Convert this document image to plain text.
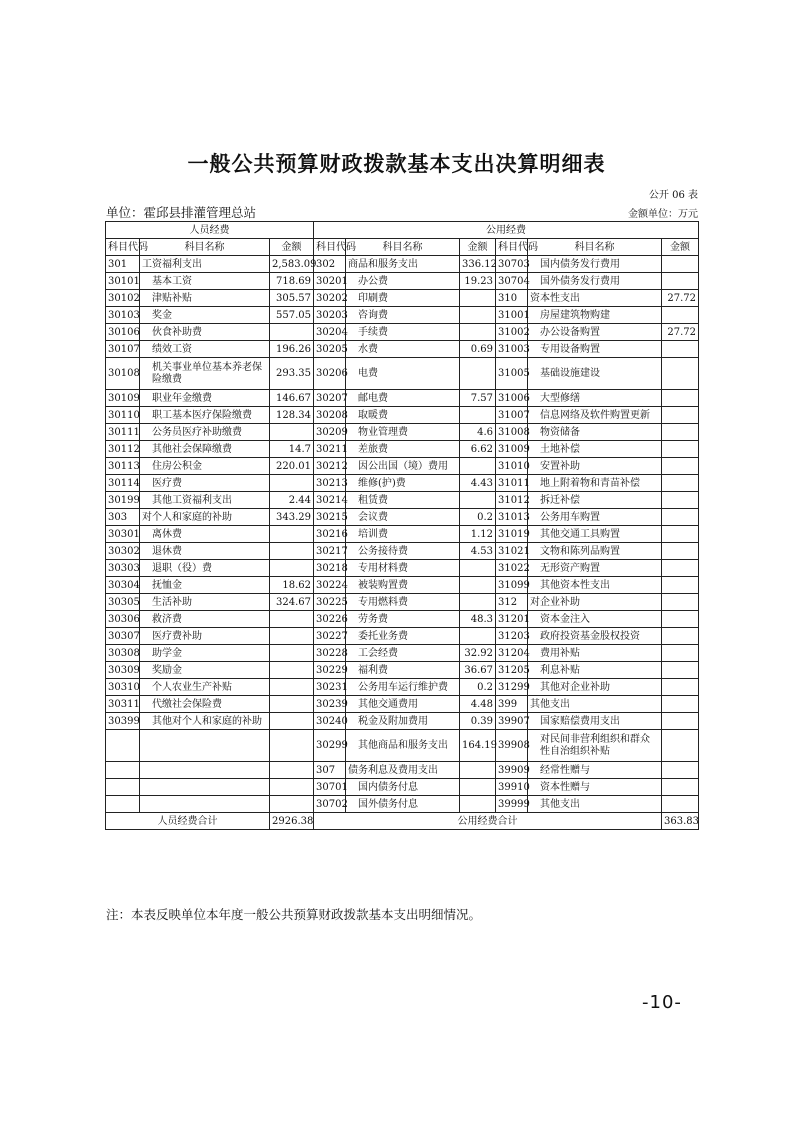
一般公共预算财政拨款基本支出决算明细表
公开 06 表
单位：霍邱县排灌管理总站	金额单位：万元
人员经费			公用经费					
科目代码	科目名称	金额	科目代码	科目名称	金额	科目代码	科目名称	金额
301	工资福利支出	2,583.09	302	商品和服务支出	336.12	30703	国内债务发行费用	
30101	基本工资	718.69	30201	办公费	19.23	30704	国外债务发行费用	
30102	津贴补贴	305.57	30202	印刷费		310	资本性支出	27.72
30103	奖金	557.05	30203	咨询费		31001	房屋建筑物购建	
30106	伙食补助费		30204	手续费		31002	办公设备购置	27.72
30107	绩效工资	196.26	30205	水费	0.69	31003	专用设备购置	
30108	机关事业单位基本养老保险缴费	293.35	30206	电费		31005	基础设施建设	
30109	职业年金缴费	146.67	30207	邮电费	7.57	31006	大型修缮	
30110	职工基本医疗保险缴费	128.34	30208	取暖费		31007	信息网络及软件购置更新	
30111	公务员医疗补助缴费		30209	物业管理费	4.6	31008	物资储备	
30112	其他社会保障缴费	14.7	30211	差旅费	6.62	31009	土地补偿	
30113	住房公积金	220.01	30212	因公出国（境）费用		31010	安置补助	
30114	医疗费		30213	维修(护)费	4.43	31011	地上附着物和青苗补偿	
30199	其他工资福利支出	2.44	30214	租赁费		31012	拆迁补偿	
303	对个人和家庭的补助	343.29	30215	会议费	0.2	31013	公务用车购置	
30301	离休费		30216	培训费	1.12	31019	其他交通工具购置	
30302	退休费		30217	公务接待费	4.53	31021	文物和陈列品购置	
30303	退职（役）费		30218	专用材料费		31022	无形资产购置	
30304	抚恤金	18.62	30224	被装购置费		31099	其他资本性支出	
30305	生活补助	324.67	30225	专用燃料费		312	对企业补助	
30306	救济费		30226	劳务费	48.3	31201	资本金注入	
30307	医疗费补助		30227	委托业务费		31203	政府投资基金股权投资	
30308	助学金		30228	工会经费	32.92	31204	费用补贴	
30309	奖励金		30229	福利费	36.67	31205	利息补贴	
30310	个人农业生产补贴		30231	公务用车运行维护费	0.2	31299	其他对企业补助	
30311	代缴社会保险费		30239	其他交通费用	4.48	399	其他支出	
30399	其他对个人和家庭的补助		30240	税金及附加费用	0.39	39907	国家赔偿费用支出	
			30299	其他商品和服务支出	164.19	39908	对民间非营利组织和群众性自治组织补贴	
			307	债务利息及费用支出		39909	经常性赠与	
			30701	国内债务付息		39910	资本性赠与	
			30702	国外债务付息		39999	其他支出	
人员经费合计		2926.38	公用经费合计					363.83
注：本表反映单位本年度一般公共预算财政拨款基本支出明细情况。
-10-
